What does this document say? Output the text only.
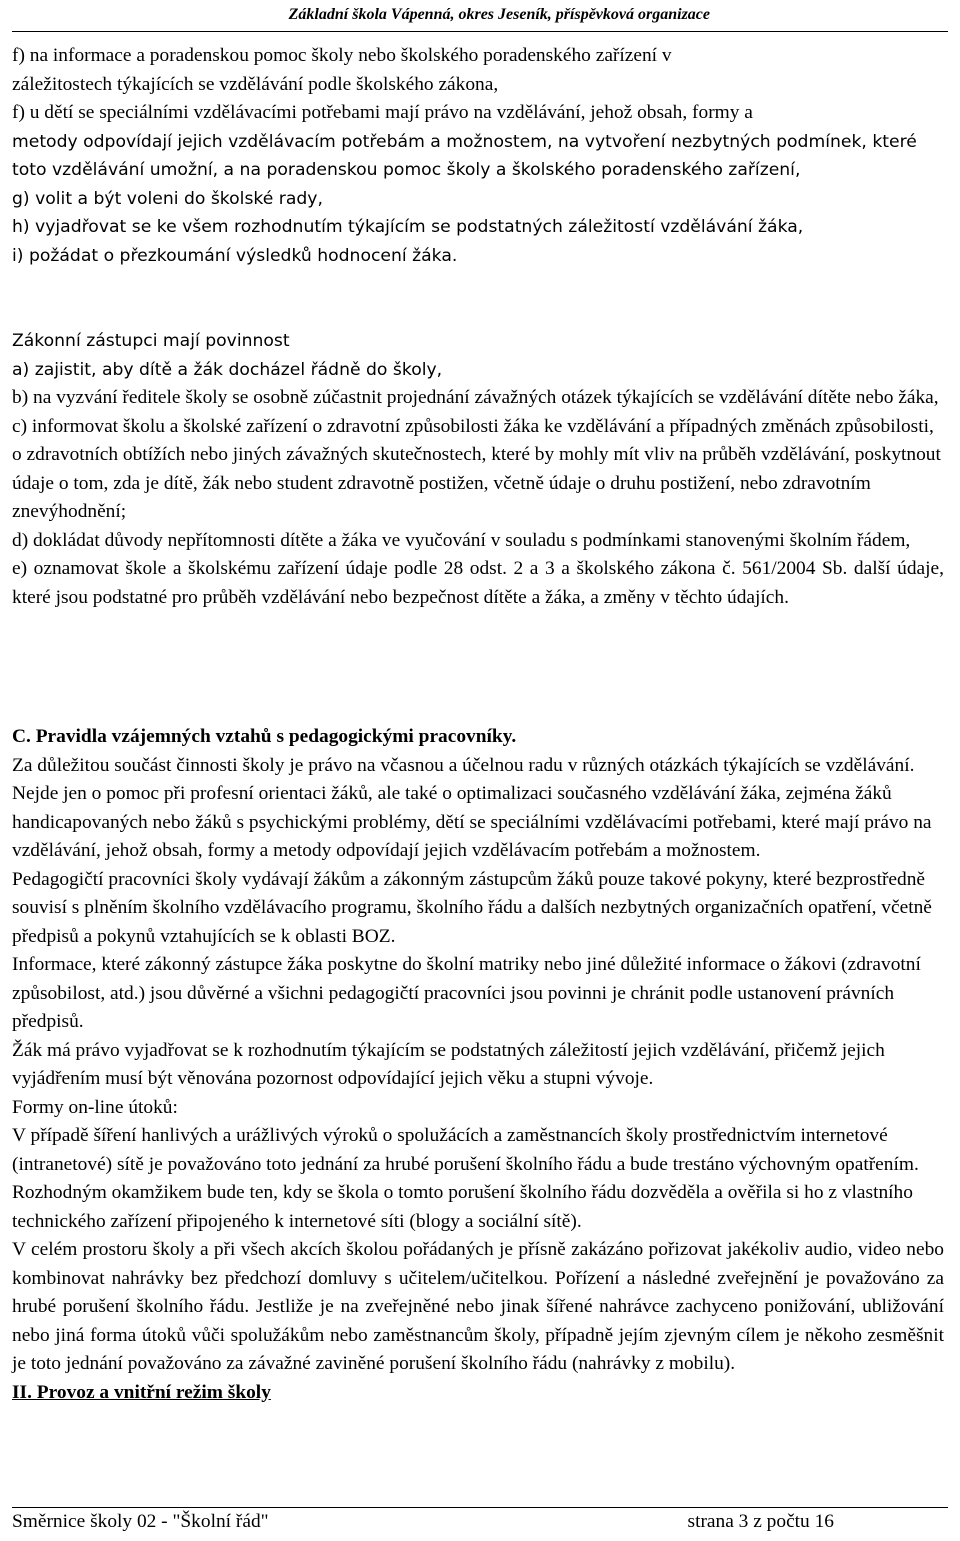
Základní škola Vápenná, okres Jeseník, příspěvková organizace

f) na informace a poradenskou pomoc školy nebo školského poradenského zařízení v

záležitostech týkajících se vzdělávání podle školského zákona,

f) u dětí se speciálními vzdělávacími potřebami mají právo na vzdělávání, jehož obsah, formy a

metody odpovídají jejich vzdělávacím potřebám a možnostem, na vytvoření nezbytných podmínek, které toto vzdělávání umožní, a na poradenskou pomoc školy a školského poradenského zařízení,

g) volit a být voleni do školské rady,

h) vyjadřovat se ke všem rozhodnutím týkajícím se podstatných záležitostí vzdělávání žáka,

i) požádat o přezkoumání výsledků hodnocení žáka.

Zákonní zástupci mají povinnost

a) zajistit, aby dítě a žák docházel řádně do školy,

b) na vyzvání ředitele školy se osobně zúčastnit projednání závažných otázek týkajících se vzdělávání dítěte nebo žáka,

c) informovat školu a školské zařízení o zdravotní způsobilosti žáka ke vzdělávání a případných změnách způsobilosti, o zdravotních obtížích nebo jiných závažných skutečnostech, které by mohly mít vliv na průběh vzdělávání, poskytnout údaje o tom, zda je dítě, žák nebo student zdravotně postižen, včetně údaje o druhu postižení, nebo zdravotním znevýhodnění;

d) dokládat důvody nepřítomnosti dítěte a žáka ve vyučování v souladu s podmínkami stanovenými školním řádem,

e) oznamovat škole a školskému zařízení údaje podle 28 odst. 2 a 3 a školského zákona č. 561/2004 Sb. další údaje, které jsou podstatné pro průběh vzdělávání nebo bezpečnost dítěte a žáka, a změny v těchto údajích.

C. Pravidla vzájemných vztahů s pedagogickými pracovníky.

Za důležitou součást činnosti školy je právo na včasnou a účelnou radu v různých otázkách týkajících se vzdělávání. Nejde jen o pomoc při profesní orientaci žáků, ale také o optimalizaci současného vzdělávání žáka, zejména žáků handicapovaných nebo žáků s psychickými problémy, dětí se speciálními vzdělávacími potřebami, které mají právo na vzdělávání, jehož obsah, formy a metody odpovídají jejich vzdělávacím potřebám a možnostem.

Pedagogičtí pracovníci školy vydávají žákům a zákonným zástupcům žáků pouze takové pokyny, které bezprostředně souvisí s plněním školního vzdělávacího programu, školního řádu a dalších nezbytných organizačních opatření, včetně předpisů a pokynů vztahujících se k oblasti BOZ.

Informace, které zákonný zástupce žáka poskytne do školní matriky nebo jiné důležité informace o žákovi (zdravotní způsobilost, atd.) jsou důvěrné a všichni pedagogičtí pracovníci jsou povinni je chránit podle ustanovení právních předpisů.

Žák má právo vyjadřovat se k rozhodnutím týkajícím se podstatných záležitostí jejich vzdělávání, přičemž jejich vyjádřením musí být věnována pozornost odpovídající jejich věku a stupni vývoje.

Formy on-line útoků:

V případě šíření hanlivých a urážlivých výroků o spolužácích a zaměstnancích školy prostřednictvím internetové (intranetové) sítě je považováno toto jednání za hrubé porušení školního řádu a bude trestáno výchovným opatřením. Rozhodným okamžikem bude ten, kdy se škola o tomto porušení školního řádu dozvěděla a ověřila si ho z vlastního technického zařízení připojeného k internetové síti (blogy a sociální sítě).

V celém prostoru školy a při všech akcích školou pořádaných je přísně zakázáno pořizovat jakékoliv audio, video nebo kombinovat nahrávky bez předchozí domluvy s učitelem/učitelkou. Pořízení a následné zveřejnění je považováno za hrubé porušení školního řádu. Jestliže je na zveřejněné nebo jinak šířené nahrávce zachyceno ponižování, ubližování nebo jiná forma útoků vůči spolužákům nebo zaměstnancům školy, případně jejím zjevným cílem je někoho zesměšnit je toto jednání považováno za závažné zaviněné porušení školního řádu (nahrávky z mobilu).

II. Provoz a vnitřní režim školy

Směrnice školy 02 - "Školní řád"	strana 3 z počtu 16
